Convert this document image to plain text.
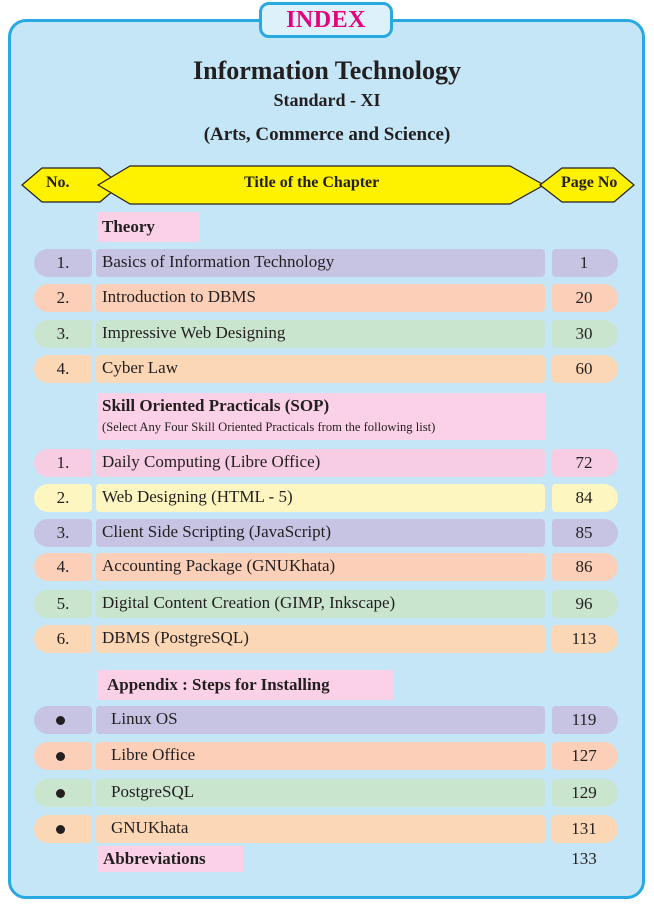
INDEX
Information Technology
Standard - XI
(Arts, Commerce and Science)
No.	Title of the Chapter	Page No
Theory
1.	Basics of Information Technology	1
2.	Introduction to DBMS	20
3.	Impressive Web Designing	30
4.	Cyber Law	60
Skill Oriented Practicals (SOP)
(Select Any Four Skill Oriented Practicals from the following list)
1.	Daily Computing (Libre Office)	72
2.	Web Designing (HTML - 5)	84
3.	Client Side Scripting (JavaScript)	85
4.	Accounting Package (GNUKhata)	86
5.	Digital Content Creation (GIMP, Inkscape)	96
6.	DBMS (PostgreSQL)	113
Appendix : Steps for Installing
Linux OS	119
Libre Office	127
PostgreSQL	129
GNUKhata	131
Abbreviations	133
